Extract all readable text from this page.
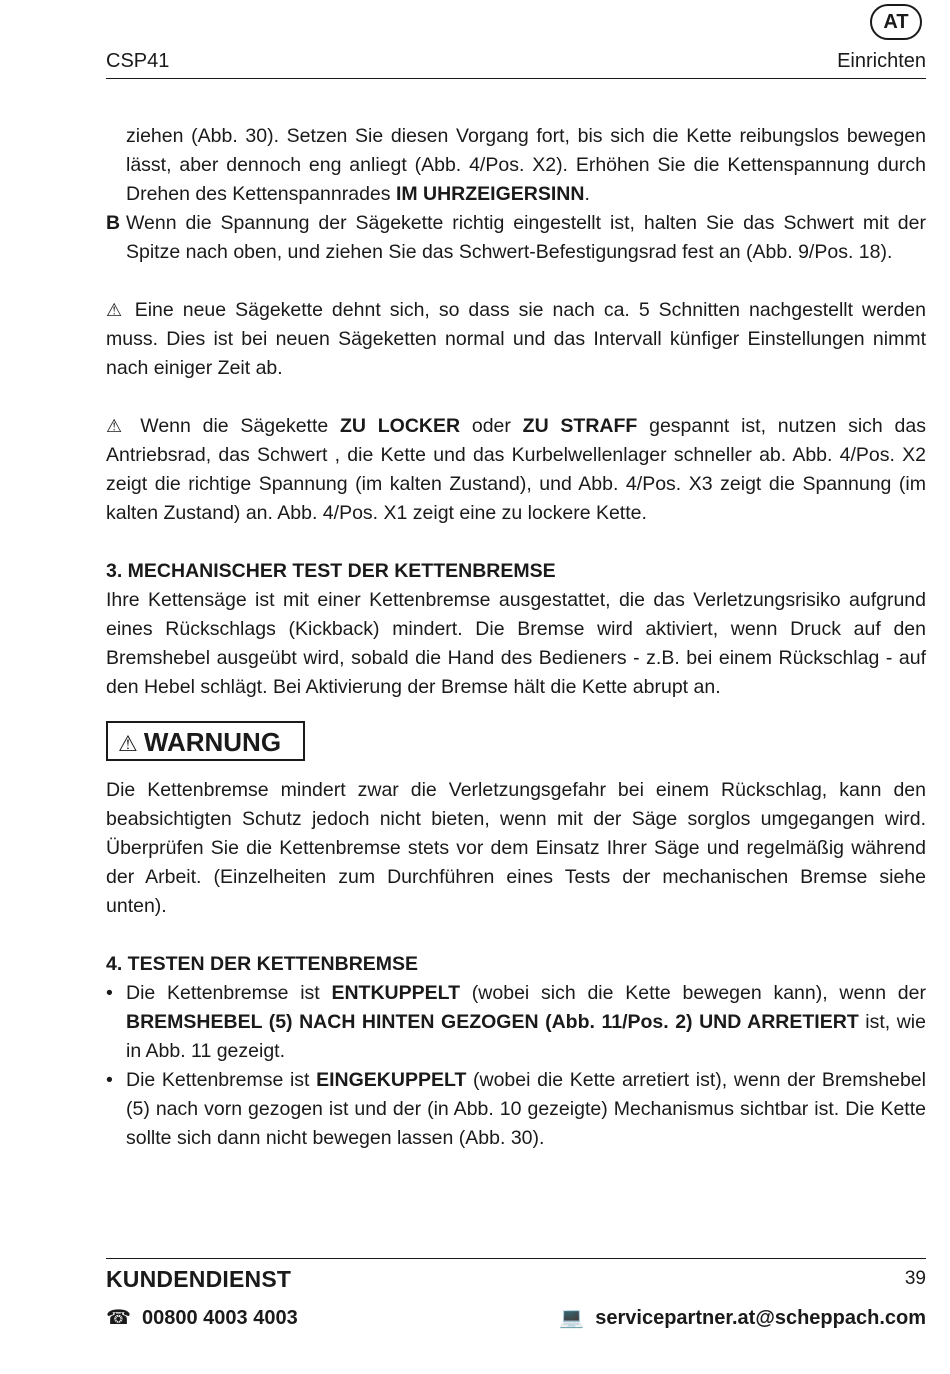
AT
CSP41	Einrichten

ziehen (Abb. 30). Setzen Sie diesen Vorgang fort, bis sich die Kette reibungslos bewegen lässt, aber dennoch eng anliegt (Abb. 4/Pos. X2). Erhöhen Sie die Kettenspannung durch Drehen des Kettenspannrades IM UHRZEIGERSINN.

B Wenn die Spannung der Sägekette richtig eingestellt ist, halten Sie das Schwert mit der Spitze nach oben, und ziehen Sie das Schwert-Befestigungsrad fest an (Abb. 9/Pos. 18).

⚠ Eine neue Sägekette dehnt sich, so dass sie nach ca. 5 Schnitten nachgestellt werden muss. Dies ist bei neuen Sägeketten normal und das Intervall künfiger Einstellungen nimmt nach einiger Zeit ab.

⚠ Wenn die Sägekette ZU LOCKER oder ZU STRAFF gespannt ist, nutzen sich das Antriebsrad, das Schwert , die Kette und das Kurbelwellenlager schneller ab. Abb. 4/Pos. X2 zeigt die richtige Spannung (im kalten Zustand), und Abb. 4/Pos. X3 zeigt die Spannung (im kalten Zustand) an. Abb. 4/Pos. X1 zeigt eine zu lockere Kette.

3. MECHANISCHER TEST DER KETTENBREMSE

Ihre Kettensäge ist mit einer Kettenbremse ausgestattet, die das Verletzungsrisiko aufgrund eines Rückschlags (Kickback) mindert. Die Bremse wird aktiviert, wenn Druck auf den Bremshebel ausgeübt wird, sobald die Hand des Bedieners - z.B. bei einem Rückschlag - auf den Hebel schlägt. Bei Aktivierung der Bremse hält die Kette abrupt an.

⚠ WARNUNG

Die Kettenbremse mindert zwar die Verletzungsgefahr bei einem Rückschlag, kann den beabsichtigten Schutz jedoch nicht bieten, wenn mit der Säge sorglos umgegangen wird. Überprüfen Sie die Kettenbremse stets vor dem Einsatz Ihrer Säge und regelmäßig während der Arbeit. (Einzelheiten zum Durchführen eines Tests der mechanischen Bremse siehe unten).

4. TESTEN DER KETTENBREMSE

• Die Kettenbremse ist ENTKUPPELT (wobei sich die Kette bewegen kann), wenn der BREMSHEBEL (5) NACH HINTEN GEZOGEN (Abb. 11/Pos. 2) UND ARRETIERT ist, wie in Abb. 11 gezeigt.
• Die Kettenbremse ist EINGEKUPPELT (wobei die Kette arretiert ist), wenn der Bremshebel (5) nach vorn gezogen ist und der (in Abb. 10 gezeigte) Mechanismus sichtbar ist. Die Kette sollte sich dann nicht bewegen lassen (Abb. 30).
KUNDENDIENST	39
☎ 00800 4003 4003	💻 servicepartner.at@scheppach.com
